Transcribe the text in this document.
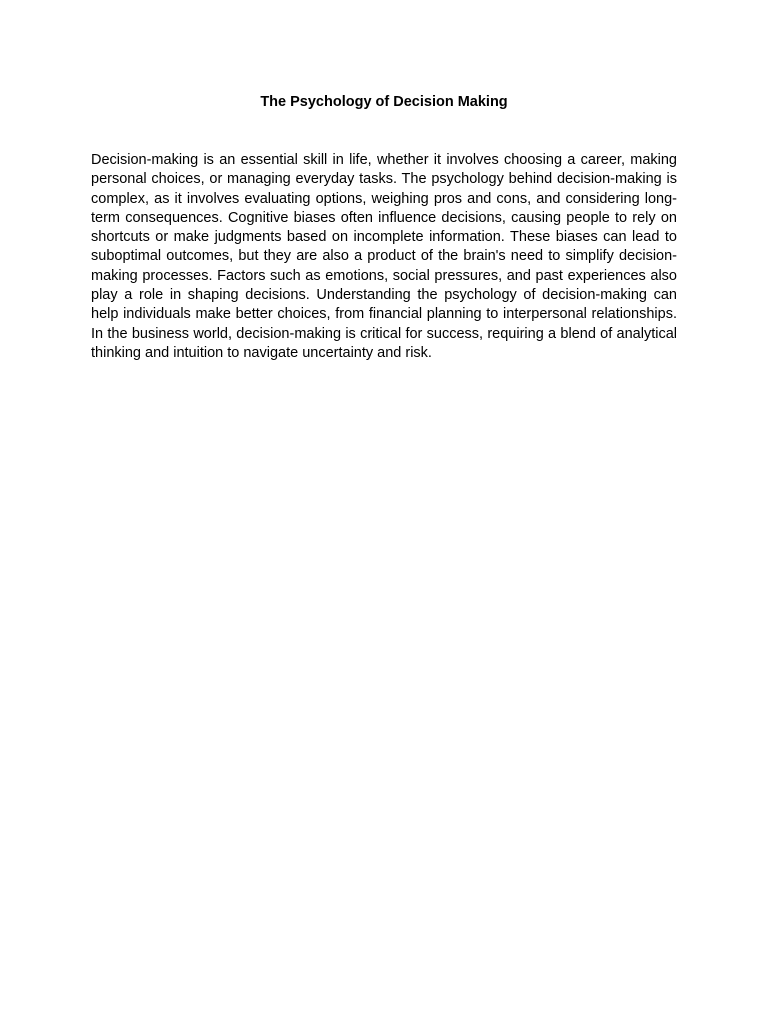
The Psychology of Decision Making

Decision-making is an essential skill in life, whether it involves choosing a career, making personal choices, or managing everyday tasks. The psychology behind decision-making is complex, as it involves evaluating options, weighing pros and cons, and considering long-term consequences. Cognitive biases often influence decisions, causing people to rely on shortcuts or make judgments based on incomplete information. These biases can lead to suboptimal outcomes, but they are also a product of the brain's need to simplify decision-making processes. Factors such as emotions, social pressures, and past experiences also play a role in shaping decisions. Understanding the psychology of decision-making can help individuals make better choices, from financial planning to interpersonal relationships. In the business world, decision-making is critical for success, requiring a blend of analytical thinking and intuition to navigate uncertainty and risk.
